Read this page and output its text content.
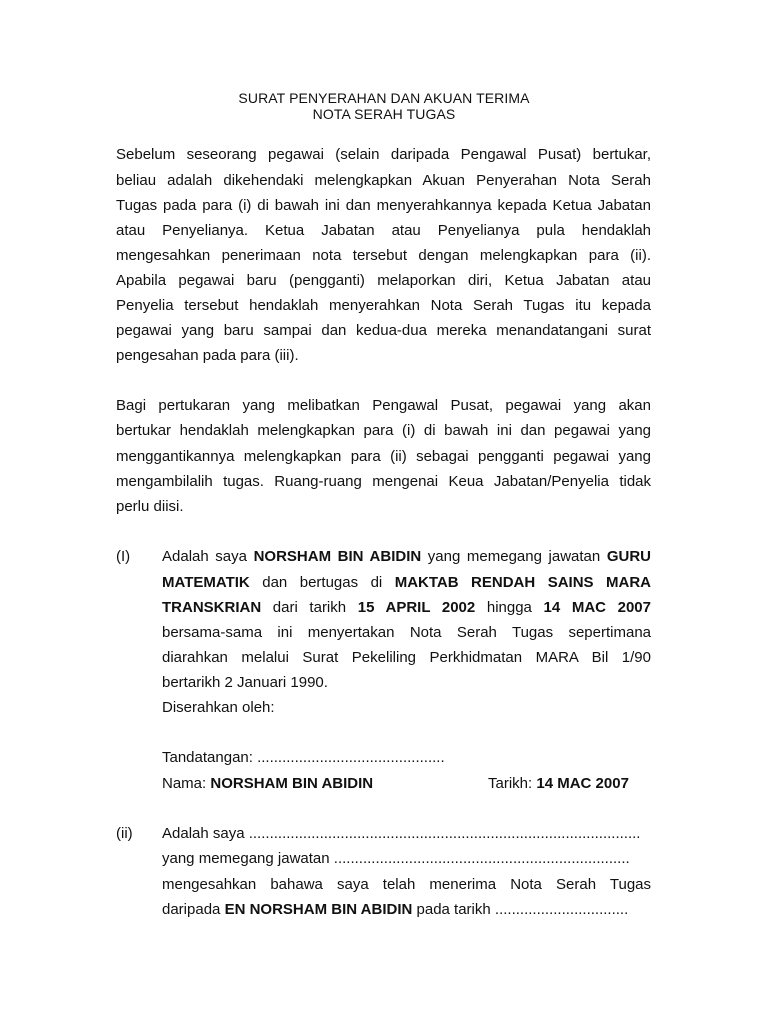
SURAT PENYERAHAN DAN AKUAN TERIMA
NOTA SERAH TUGAS
Sebelum seseorang pegawai (selain daripada Pengawal Pusat) bertukar,
beliau adalah dikehendaki melengkapkan Akuan Penyerahan Nota Serah
Tugas pada para (i) di bawah ini dan menyerahkannya kepada Ketua Jabatan
atau Penyelianya. Ketua Jabatan atau Penyelianya pula hendaklah
mengesahkan penerimaan nota tersebut dengan melengkapkan para (ii).
Apabila pegawai baru (pengganti) melaporkan diri, Ketua Jabatan atau
Penyelia tersebut hendaklah menyerahkan Nota Serah Tugas itu kepada
pegawai yang baru sampai dan kedua-dua mereka menandatangani surat
pengesahan pada para (iii).
Bagi pertukaran yang melibatkan Pengawal Pusat, pegawai yang akan
bertukar hendaklah melengkapkan para (i) di bawah ini dan pegawai yang
menggantikannya melengkapkan para (ii) sebagai pengganti pegawai yang
mengambilalih tugas. Ruang-ruang mengenai Keua Jabatan/Penyelia tidak
perlu diisi.
(I) Adalah saya NORSHAM BIN ABIDIN yang memegang jawatan GURU
MATEMATIK dan bertugas di MAKTAB RENDAH SAINS MARA
TRANSKRIAN dari tarikh 15 APRIL 2002 hingga 14 MAC 2007
bersama-sama ini menyertakan Nota Serah Tugas sepertimana
diarahkan melalui Surat Pekeliling Perkhidmatan MARA Bil 1/90
bertarikh 2 Januari 1990.
Diserahkan oleh:
Tandatangan: .............................................
Nama: NORSHAM BIN ABIDIN	Tarikh: 14 MAC 2007
(ii) Adalah saya ..............................................................................................
yang memegang jawatan .......................................................................
mengesahkan bahawa saya telah menerima Nota Serah Tugas
daripada EN NORSHAM BIN ABIDIN pada tarikh ................................
